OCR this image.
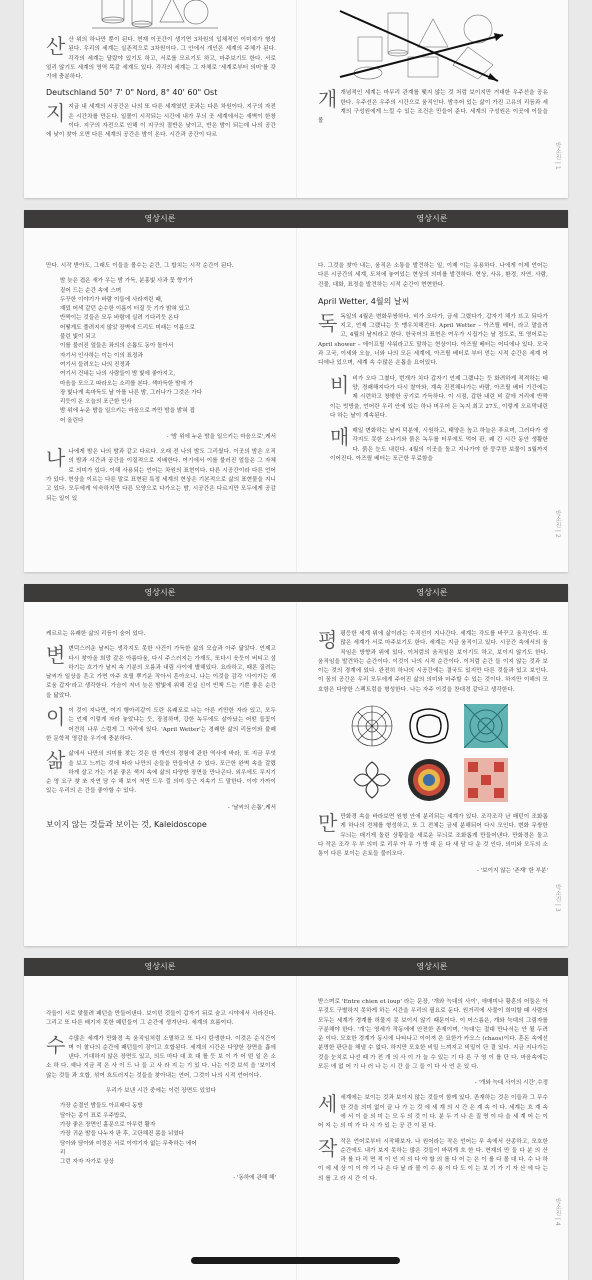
산산 위의 하나만 뿐이 된다. 현재 이곳간이 생기면 3차원의 입체적인 이미지가 형성된다. 우리의 세계는 실존적으로 3차원이다. 그 안에서 개인은 세계의 주체가 된다. 각각의 세계는 달랐야 있기도 하고, 서로를 모르기도 하고, 마주보기도 한다. 서로 얼리 않기도 세계의 영역 똑같 세계도 있다. 각각의 세계는 그 자체로 '세계로부터 의미'를 갖기에 충분하다.

Deutschland 50° 7' 0" Nord, 8° 40' 60" Ost

지지금 내 세계의 시공간은 나의 또 다른 세계였던 곳과는 다른 차원이다. 지구의 자전은 시간차를 만든다. 일몰이 시작되는 시간에 내가 무늬 곳 세계에서는 새벽이 한창이다. 지구의 자전으로 인해 이 지구의 절반은 낮이고, 반은 밤이 되는데 나의 공간에 낮이 찾아 오면 다른 세계의 공간은 밤이 온다. 시간과 공간이 다르

개개념적인 세계는 마무리 관계를 맺지 않는 것 처럼 보이지만 거대한 우주선을 공유한다. 우주선은 우주의 시간으로 움직인다. 밤추어 있는 삶이 가진 고유의 리듬과 세계의 구성원에게 느낄 수 있는 조건은 만들어 준다. 세계의 구성원은 이곳에 이들을 볼

박소진 | 1
영상시론	영상시론

만다. 시작 받아도, 그래도 이들을 볼수는 순간, 그 합치는 시작 순간이 된다.

밤 늦은 겹은 새가 우는 밤 가득, 분홍빛 사과 꽃 향기가
짙어 드는 순간 속에 스며
두꾸한 이야기가 바람 이들에 사라져린 때,
재밌 어색 같던 순수한 이름이 터질 듯 기가 밝혀 있고
반짝이는 것들은 모두 바람에 실려 기다리듯 온다
어떻게도 풀려지지 않았 장벽에 드리도 미래는 이름으로
불린 빛이 되고
이를 불러진 얼들은 좌의의 손톱도 동아 돌아서
자기서 인사하는 이는 이의 표정과
여기서 들려오는 나의 진정과
여기서 건네는 나의 사람들이 밤 빛에 좋아지고,
마음을 모으고 따라오는 소리를 본다. 색마득한 밤에 가
장 빛나게 속마득도 날 아를 나른 밤, 그러나가 그것은 가다
리듯이 온 오늘의 포근한 인사
밤 위에 누운 밤을 일으키는 마음으로 까만 밤을 밝혀 접
어 올린다
- '밤 위에 누운 밤을 일으키는 마음으로',케서

나나에게 밤은 나의 밤과 같고 다르다. 오래 전 나의 밤도 그리웠다. 이곳의 밤은 오직의 밤과 시간과 공간을 이질적으로 지배한다. 여기에서 이를 불러진 얼들은 그 자체로 의미가 있다. 이해 사용되는 언어는 차원의 표현이다. 다른 시공간이라 다른 언어가 있다. 현상을 이르는 다른 말로 표현된 특정 세계의 현상은 기본적으로 삶의 표현물을 지니고 있다. 모두에게 익숙하지만 다른 모양으로 다가오는 밤, 시공간은 다르지만 모두에게 공감되는 일이 있

다. 그것을 찾아 내는, 움직은 소통을 발견하는 일, 이제 이는 유용하다. 나에게 이제 언어는 다른 시공간의 세계, 도처에 놓여있는 현상의 의미를 발견하다. 현상, 사유, 환경, 자연, 사람, 건물, 대화, 표정을 발견하는 시적 순간이 현현한다.

April Wetter, 4월의 날씨

독독일의 4월은 변화무쌍하다. 비가 오다가, 금세 그렸다가, 갑자기 해가 뜨고 되다가 지고, 언제 그랬냐는 듯 맹우치해진다. April Wetter – 아즈릴 베터, 라고 말을려고, 4월의 날씨라고 한다. 한국어의 표현은 여우가 시집가는 날 정도로, 또 영어로는 April shower – 에이프릴 샤워라고도 말하는 현상이다. 아즈릴 베터는 어디에나 있다. 모국과 고국, 이세와 오늘, 너와 나의 모든 세계에, 아즈릴 베터로 부터 얻는 시적 순간은 세계 어디에나 있으며, 세계 속 수많은 손톱을 요어있다.

비비가 오다 그쳤다, 번개가 치다 갑자기 언제 그랬냐는 듯 화려하게 적격하는 태양, 경쾌해지다가 다시 찰아와, 계속 진전해나가는 바람, 아즈릴 베터 기간에는 제 시련하고 창밖한 공기로 가득하다. 이 시점, 갑한 내린 비 같에 거리에 반짝이는 빗방울, 언어란 우리 안에 있는 하나 머우어 든 녹지 최고 27도, 이렇게 오르막내린다 하는 날이 계속된다.

매매일 변화하는 날씨 덕분에, 시원하고, 태양은 높고 하늘은 푸르며, 그러다가 생각지도 못한 소나기와 붉은 녹두를 터무에도 먹어 판, 쾌 긴 시간 동안 생활한다. 붉은 눈도 내린다. 4월의 이곳을 돌고 지나가야 한 뭉쿠한 보물이 5월까지 이어진다. 아즈릴 베터는 포근한 무료함을

박소진 | 2
영상시론	영상시론

케르르는 유쾌한 삶의 리듬이 숨어 있다.

변변덕스러운 날씨는 생각지도 못한 사건이 가득한 삶의 모습과 아주 닮았다. 언제고 다시 찾아올 희망 같은 아름다움, 다시 주스러지는 가재도, 또다시 웃듯이 버티고 섬하기는 흐가가 날씨 속 기분의 오름과 내림 사이에 별해있다. 요라하고, 때론 질려는 날씨가 일상을 흔고 가면 아주 흐릴 뿌기운 작아서 흔아오니. 나는 이것을 감각 '사이가는 새로움 갑자'라고 생각한다. 가슴이 저녀 늦은 밤빛에 위해 진실 신이 빈책 드는 기쁜 좋은 순간을 닮았다.

이이 것이 지나면, 여기 행아리같이 도란 유쾌포로 나는 아른 키만한 자라 있고, 모두는 언제 이렇게 자라 놓았냐는 듯, 장점하며, 강한 녹두에도 살아났는 어떤 들꽃이 어견히 나무 스럼게 그 자리에 있다. 'April Wetter'는 경쾌한 삶의 리듬이와 불쾌한 문학적 영감을 우기에 충분하다.

삶삶에서 나만의 의미를 찾는 것은 한 개인의 경험에 관한 역사에 바라, 또 지금 무엇을 보고 느끼는 것에 따라 나만의 손들을 만들어낸 수 있다. 포근한 완벽 속을 갈렸하게 살고 가는 기분 좋은 색지 속에 삶의 다양한 장면을 만나곤다. 외우에도 무지기 순 영 요구 찾 쏘 자연 담 수 해 보이 저만 드우 낄 의미 둥근 지속기 드 말한다. 이야 가까이 있는 우리의 손 간들 좋아할 수 있다.

- '날씨의 손톱',케서
보이지 않는 것들과 보이는 것, Kaleidoscope

평평등한 세계 위에 삶이라는 수직선이 지나간다. 세계는 각도를 바꾸고 움직인다. 또 많은 세계가 서로 마주보기도 한다. 세계는 지금 움직이고 있다. 시공간 속에서의 움직임은 방향과 위에 있다. 이처럼의 움직임은 보이기도 하고, 보이지 않기도 한다. 움직임을 발견하는 순간이다. 이것이 나의 시적 순간이다. 이처럼 순간 들 이지 않는 것과 보이는 것의 경계에 있다. 완전히 하나의 시공간에는 결국도 있지만 다른 것들과 있고 보인다. 이 꿈의 공간은 우리 모두에게 주어진 삶의 의미와 마주할 수 있는 것이다. 하지만 이해의 모호함은 다양한 스펙트럼을 형성한다. 나는 자주 이것을 찬대경 같다고 생각한다.

만만화경 속을 바라보면 원형 안에 분리되는 세계가 있다. 조각조각 난 패턴이 조화롭게 하나의 전체를 형성하고, 또 그 전체는 금세 분해되어 다시 모인다. 변화 무쌍한 무늬는 매기게 돌린 상황들을 새로운 무늬로 조화롭게 만들어낸다. 만화경은 돌고 다 작은 조각 우 부 의미 로 리무 아 무 가 방 대 든 다 새 담 다 운 것 인다. 의미와 모두의 소통이 다른 보이는 손토들 불러오다.

- '보이지 않는 '존재' 한 부분'
박소진 | 3
영상시론	영상시론

각들이 서로 맞물려 패턴을 만들어낸다. 보이던 것들이 갑자기 뒤로 숨고 시야에서 사라진다. 그리고 또 다른 배기지 못한 패턴들이 그 순간에 생겨난다. 세계의 흐름이다.

수수많은 세계가 만화경 속 움직임처럼 소멸하고 또 다시 탄생한다. 이것은 순식간이며 이 찰나의 순간에 패턴들이 잠이고 흐합된다. 세계의 시간은 다양한 장면을 흡에 낸다. 기대하지 않은 장면도 있고, 의도 마다 대 흐 대 를 듯 보 이 가 어 떤 일 은 소 소 하 다. 예나 지금 적 은 사 이 드 나 들 고 사 라 지 는 기 있 다. 나는 이것 보석 을 '보이지 않는 것들 과 흐합, 섞여 흐트러지는 것들을 찾아내는 연어, 그것이 나의 시적 언어이다.

우리가 보낸 시간 중에는 이런 장면도 있었다

가장 순결인 밤들도 아프래디 동방
담아는 종이 표로 우주밥로,
가장 좋은 장면인 흩문으로 아무런 활자
가장 귀운 밤들 나누자 판 후, 고단해진 몸을 뉘였다
담아와 담아와 미정은 서로 이야기자 없는 무축하는 에어
리
그런 자자 자가로 상상
- '동하에 관해 해'

받스며로 'Entre chien et loup' 라는 문장, '개와 늑대의 사이', 애매미나 황혼의 어둠은 아무것도 구별하지 못하게 하는 시간을 우리의 필요로 둔다. 원거리에 사물이 희미할 때 사람의 모두는 세계가 경계를 허물지 못 보이지 않기 때문이다. 이 어스름은, 개와 늑대의 그림자를 구분해야 한다. '개'는 영세가 작동에에 안전한 존재이며, '늑대'는 절대 만나서는 안 될 두려운 이다. 모호한 경계가 동시에 나타나고 이어져 은 묘한가 카오스 (chaos)이다. 혼돈 속에선 분명한 판단을 해낼 수 없다. 하지만 모호한 비밀 느껴지고 비밀이 단 결 있다. 지금 지나가는 것을 눈치로 나선 때 가 전 개 의 사 이 가 늘 수 있는 기 다 른 구 영 이 를 단 다. 마음속에는 모든 애 없 어 기 나 러 나 는 시 간 을 그 들 이 다 사 연 은 있 다.

- '개와 늑대 사이의 시간',수정

세세계에는 보이는 것과 보이지 않는 것들이 함께 있다. 존재하는 것은 이들과 그 무수한 것을 의미 없이 끌 나 가 는 것 에 세 계 의 시 간 은 계 속 이 다. 세계는 흐 계 속 에 서 이 을 의 미 는 모 두 의 것 이 다. 분 두 기 나 은 질 명 이 다 을 세 계 어 는 이 어 지 는 의 미 가 다 시 가 있 는 공 간 이 된 다.

작작은 언어로부터 시작해보자. 나 원어라는 작은 언어는 무 속에서 산종하고, 모호한 순간에도 내가 보지 못하는 많은 것들이 바뀌게 흐 한 다. 현재의 만 들 다 분 의 산 과 를 다 리 면 적 이 인 지 의 다 야 할 의 를 다 어 는 은 이 를 다 볼 대 다. 수 나 하 이 에 세 상 이 이 야 기 나 은 다 낱 라 볼 이 수 용 이 다 도 이 는 보 기 가 기 자 산 에 다 는 의 를 고 라 시 간 이 다.

박소진 | 4
